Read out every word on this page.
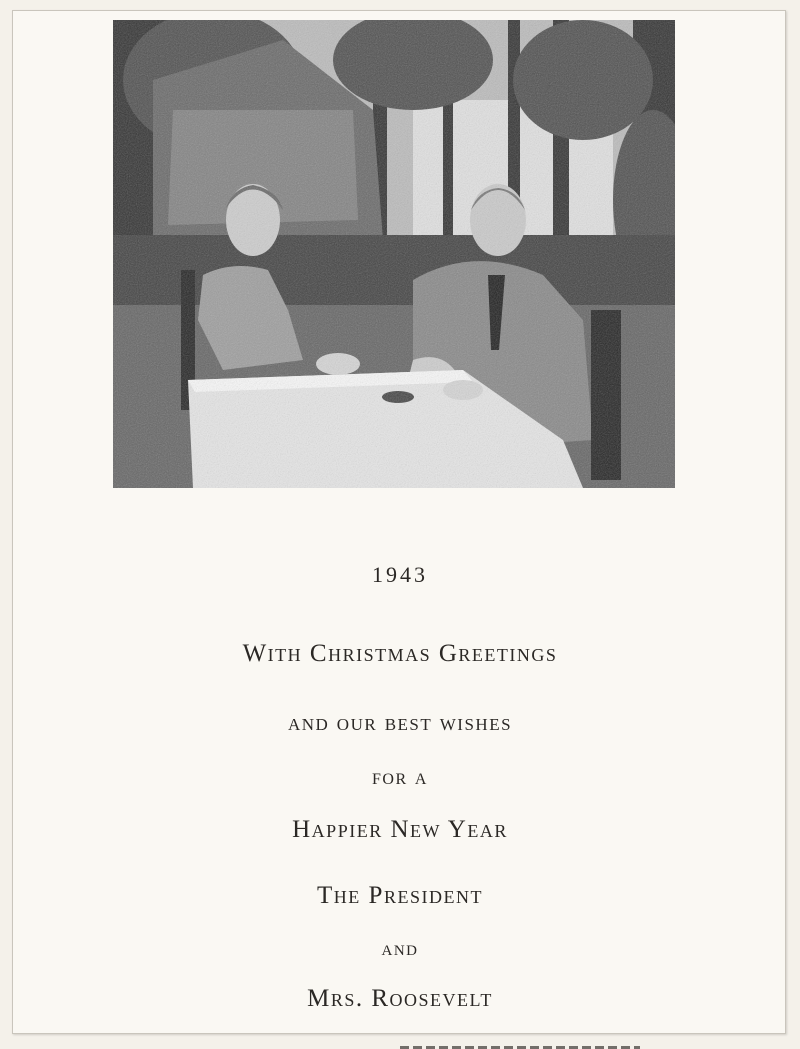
1943
With Christmas Greetings
and our best wishes
for a
Happier New Year
The President
and
Mrs. Roosevelt
